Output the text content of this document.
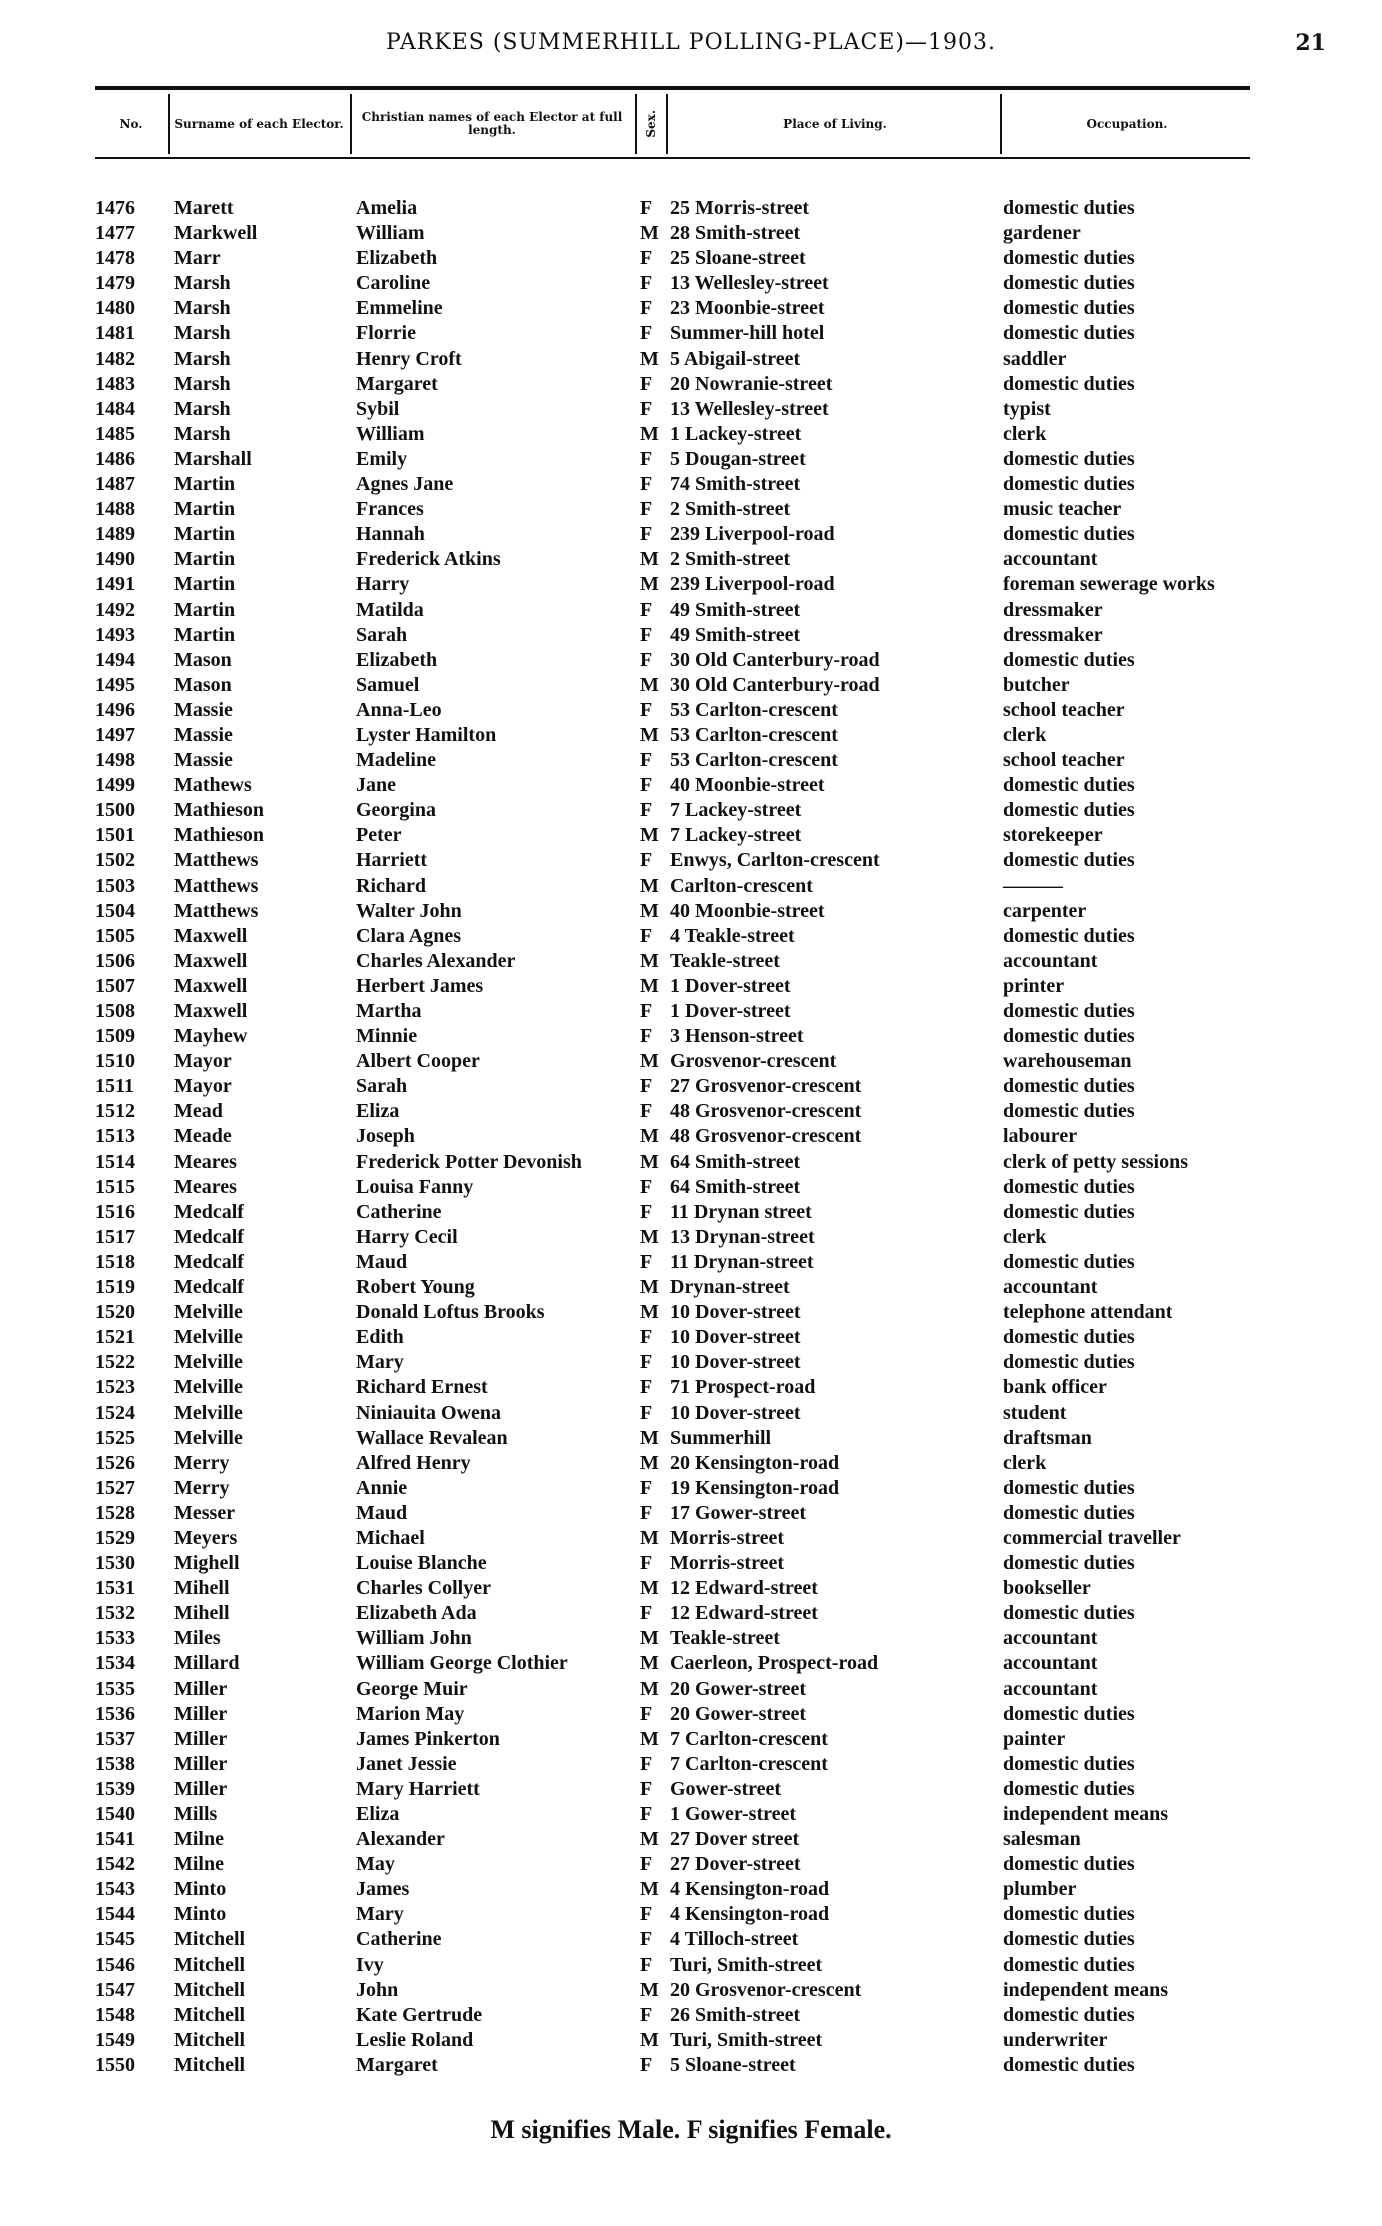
PARKES (SUMMERHILL POLLING-PLACE)—1903.	21
No.	Surname of each Elector.	Christian names of each Elector at full length.	Sex.	Place of Living.	Occupation.
1476 Marett	Amelia	F 25 Morris-street	domestic duties
1477 Markwell	William	M 28 Smith-street	gardener
1478 Marr	Elizabeth	F 25 Sloane-street	domestic duties
1479 Marsh	Caroline	F 13 Wellesley-street	domestic duties
1480 Marsh	Emmeline	F 23 Moonbie-street	domestic duties
1481 Marsh	Florrie	F Summer-hill hotel	domestic duties
1482 Marsh	Henry Croft	M 5 Abigail-street	saddler
1483 Marsh	Margaret	F 20 Nowranie-street	domestic duties
1484 Marsh	Sybil	F 13 Wellesley-street	typist
1485 Marsh	William	M 1 Lackey-street	clerk
1486 Marshall	Emily	F 5 Dougan-street	domestic duties
1487 Martin	Agnes Jane	F 74 Smith-street	domestic duties
1488 Martin	Frances	F 2 Smith-street	music teacher
1489 Martin	Hannah	F 239 Liverpool-road	domestic duties
1490 Martin	Frederick Atkins	M 2 Smith-street	accountant
1491 Martin	Harry	M 239 Liverpool-road	foreman sewerage works
1492 Martin	Matilda	F 49 Smith-street	dressmaker
1493 Martin	Sarah	F 49 Smith-street	dressmaker
1494 Mason	Elizabeth	F 30 Old Canterbury-road	domestic duties
1495 Mason	Samuel	M 30 Old Canterbury-road	butcher
1496 Massie	Anna-Leo	F 53 Carlton-crescent	school teacher
1497 Massie	Lyster Hamilton	M 53 Carlton-crescent	clerk
1498 Massie	Madeline	F 53 Carlton-crescent	school teacher
1499 Mathews	Jane	F 40 Moonbie-street	domestic duties
1500 Mathieson	Georgina	F 7 Lackey-street	domestic duties
1501 Mathieson	Peter	M 7 Lackey-street	storekeeper
1502 Matthews	Harriett	F Enwys, Carlton-crescent	domestic duties
1503 Matthews	Richard	M Carlton-crescent	———
1504 Matthews	Walter John	M 40 Moonbie-street	carpenter
1505 Maxwell	Clara Agnes	F 4 Teakle-street	domestic duties
1506 Maxwell	Charles Alexander	M Teakle-street	accountant
1507 Maxwell	Herbert James	M 1 Dover-street	printer
1508 Maxwell	Martha	F 1 Dover-street	domestic duties
1509 Mayhew	Minnie	F 3 Henson-street	domestic duties
1510 Mayor	Albert Cooper	M Grosvenor-crescent	warehouseman
1511 Mayor	Sarah	F 27 Grosvenor-crescent	domestic duties
1512 Mead	Eliza	F 48 Grosvenor-crescent	domestic duties
1513 Meade	Joseph	M 48 Grosvenor-crescent	labourer
1514 Meares	Frederick Potter Devonish	M 64 Smith-street	clerk of petty sessions
1515 Meares	Louisa Fanny	F 64 Smith-street	domestic duties
1516 Medcalf	Catherine	F 11 Drynan street	domestic duties
1517 Medcalf	Harry Cecil	M 13 Drynan-street	clerk
1518 Medcalf	Maud	F 11 Drynan-street	domestic duties
1519 Medcalf	Robert Young	M Drynan-street	accountant
1520 Melville	Donald Loftus Brooks	M 10 Dover-street	telephone attendant
1521 Melville	Edith	F 10 Dover-street	domestic duties
1522 Melville	Mary	F 10 Dover-street	domestic duties
1523 Melville	Richard Ernest	F 71 Prospect-road	bank officer
1524 Melville	Niniauita Owena	F 10 Dover-street	student
1525 Melville	Wallace Revalean	M Summerhill	draftsman
1526 Merry	Alfred Henry	M 20 Kensington-road	clerk
1527 Merry	Annie	F 19 Kensington-road	domestic duties
1528 Messer	Maud	F 17 Gower-street	domestic duties
1529 Meyers	Michael	M Morris-street	commercial traveller
1530 Mighell	Louise Blanche	F Morris-street	domestic duties
1531 Mihell	Charles Collyer	M 12 Edward-street	bookseller
1532 Mihell	Elizabeth Ada	F 12 Edward-street	domestic duties
1533 Miles	William John	M Teakle-street	accountant
1534 Millard	William George Clothier	M Caerleon, Prospect-road	accountant
1535 Miller	George Muir	M 20 Gower-street	accountant
1536 Miller	Marion May	F 20 Gower-street	domestic duties
1537 Miller	James Pinkerton	M 7 Carlton-crescent	painter
1538 Miller	Janet Jessie	F 7 Carlton-crescent	domestic duties
1539 Miller	Mary Harriett	F Gower-street	domestic duties
1540 Mills	Eliza	F 1 Gower-street	independent means
1541 Milne	Alexander	M 27 Dover street	salesman
1542 Milne	May	F 27 Dover-street	domestic duties
1543 Minto	James	M 4 Kensington-road	plumber
1544 Minto	Mary	F 4 Kensington-road	domestic duties
1545 Mitchell	Catherine	F 4 Tilloch-street	domestic duties
1546 Mitchell	Ivy	F Turi, Smith-street	domestic duties
1547 Mitchell	John	M 20 Grosvenor-crescent	independent means
1548 Mitchell	Kate Gertrude	F 26 Smith-street	domestic duties
1549 Mitchell	Leslie Roland	M Turi, Smith-street	underwriter
1550 Mitchell	Margaret	F 5 Sloane-street	domestic duties
M signifies Male. F signifies Female.
